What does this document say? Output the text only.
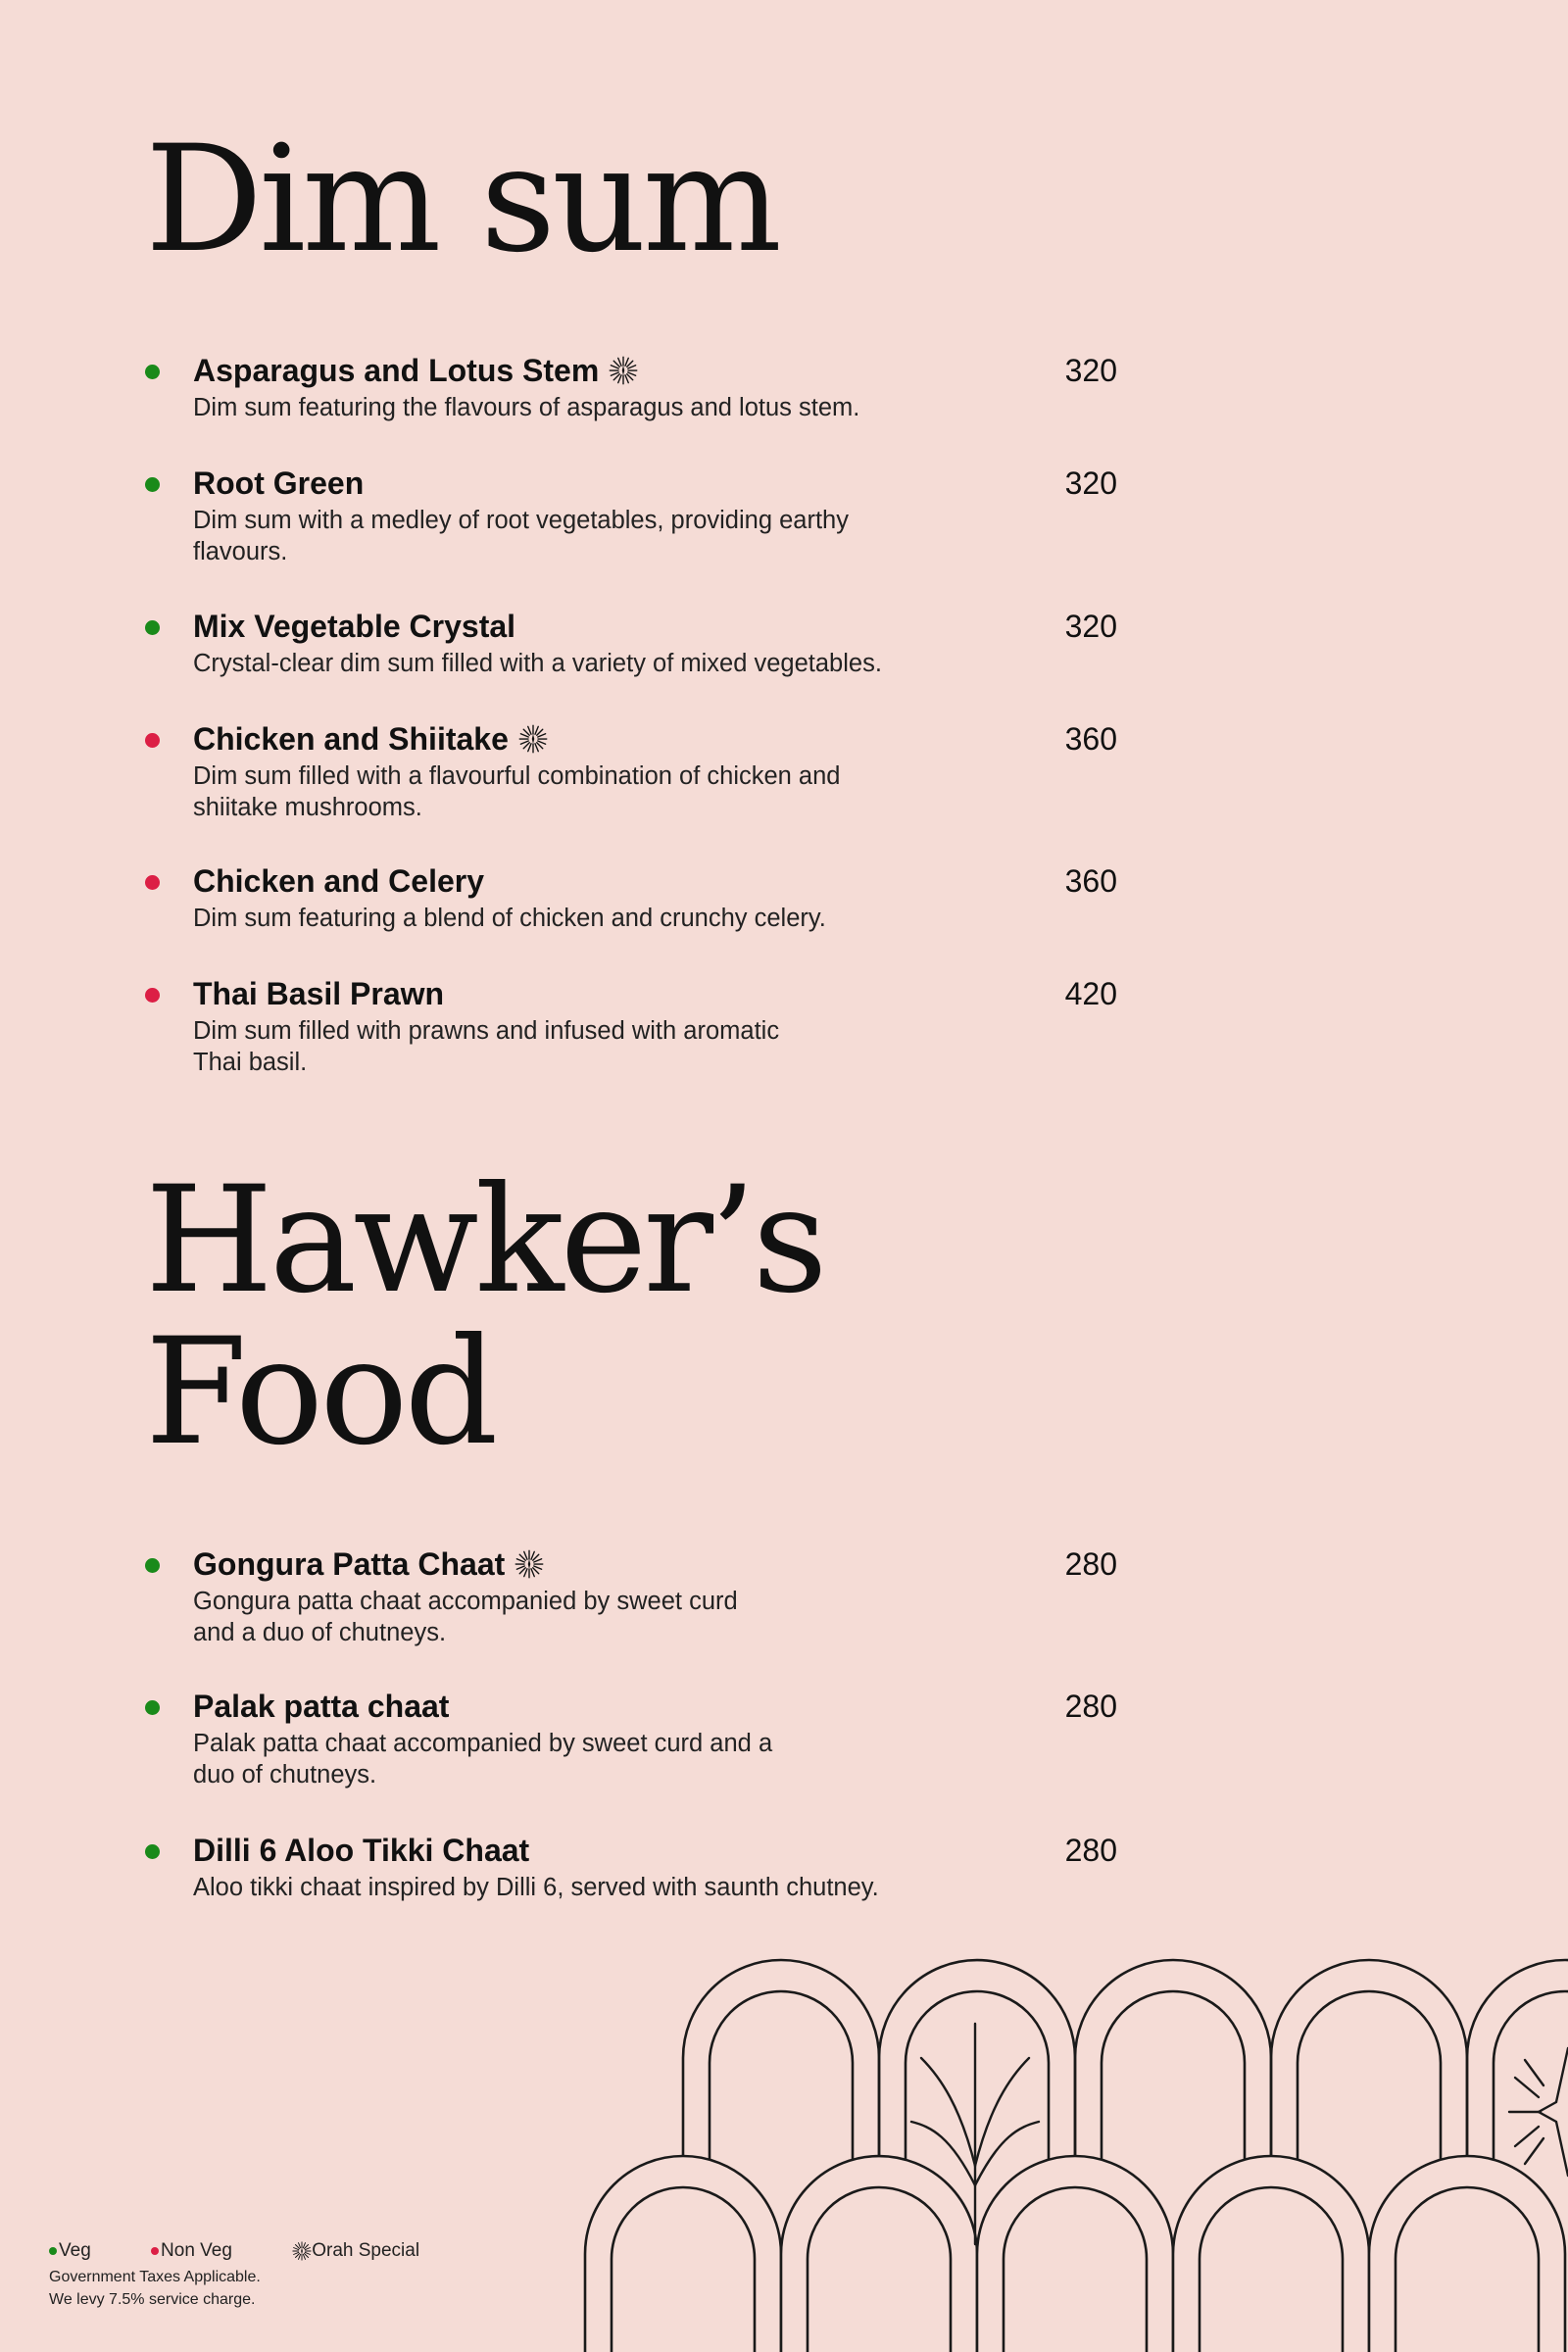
Dim sum
Asparagus and Lotus Stem	320
Dim sum featuring the flavours of asparagus and lotus stem.
Root Green	320
Dim sum with a medley of root vegetables, providing earthy flavours.
Mix Vegetable Crystal	320
Crystal-clear dim sum filled with a variety of mixed vegetables.
Chicken and Shiitake	360
Dim sum filled with a flavourful combination of chicken and shiitake mushrooms.
Chicken and Celery	360
Dim sum featuring a blend of chicken and crunchy celery.
Thai Basil Prawn	420
Dim sum filled with prawns and infused with aromatic Thai basil.
Hawker’s
Food
Gongura Patta Chaat	280
Gongura patta chaat accompanied by sweet curd and a duo of chutneys.
Palak patta chaat	280
Palak patta chaat accompanied by sweet curd and a duo of chutneys.
Dilli 6 Aloo Tikki Chaat	280
Aloo tikki chaat inspired by Dilli 6, served with saunth chutney.
Veg	Non Veg	Orah Special
Government Taxes Applicable.
We levy 7.5% service charge.
